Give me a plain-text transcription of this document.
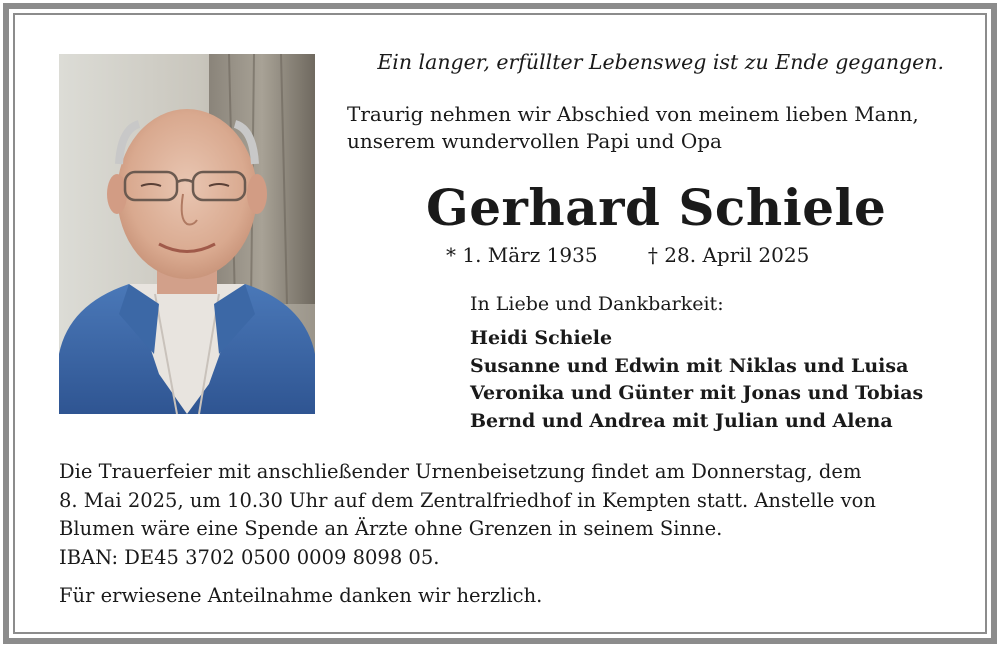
Ein langer, erfüllter Lebensweg ist zu Ende gegangen.
Traurig nehmen wir Abschied von meinem lieben Mann,
unserem wundervollen Papi und Opa
Gerhard Schiele
* 1. März 1935	† 28. April 2025
In Liebe und Dankbarkeit:
Heidi Schiele
Susanne und Edwin mit Niklas und Luisa
Veronika und Günter mit Jonas und Tobias
Bernd und Andrea mit Julian und Alena
Die Trauerfeier mit anschließender Urnenbeisetzung findet am Donnerstag, dem
8. Mai 2025, um 10.30 Uhr auf dem Zentralfriedhof in Kempten statt. Anstelle von
Blumen wäre eine Spende an Ärzte ohne Grenzen in seinem Sinne.
IBAN: DE45 3702 0500 0009 8098 05.
Für erwiesene Anteilnahme danken wir herzlich.
